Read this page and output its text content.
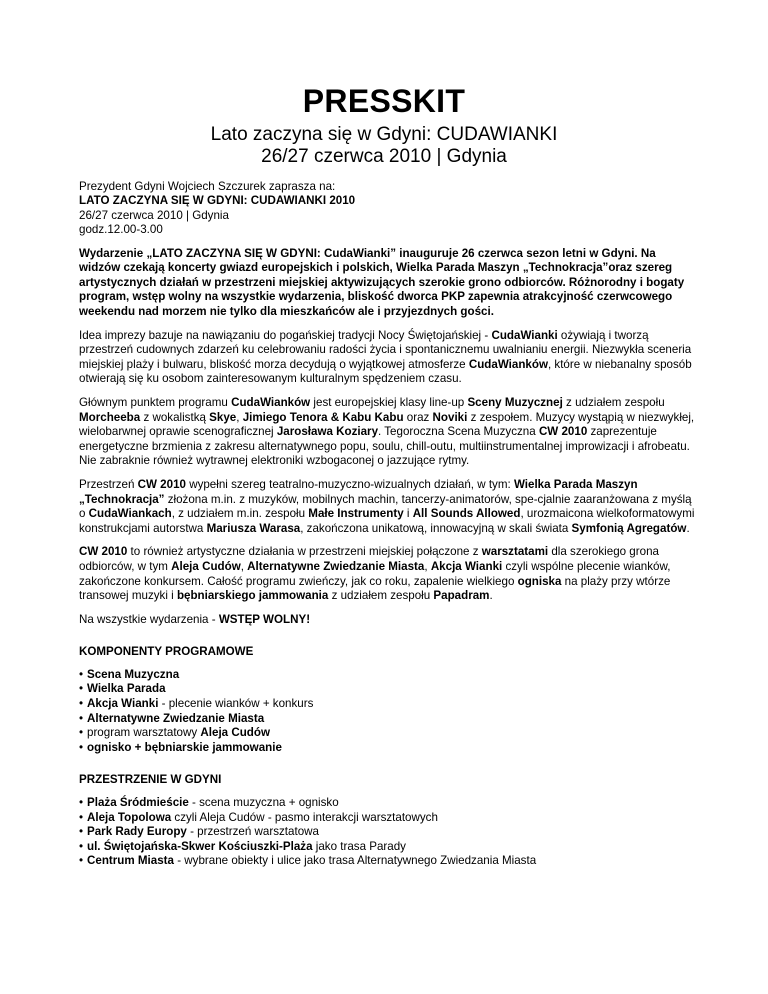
PRESSKIT
Lato zaczyna się w Gdyni: CUDAWIANKI
26/27 czerwca 2010 | Gdynia
Prezydent Gdyni Wojciech Szczurek zaprasza na:
LATO ZACZYNA SIĘ W GDYNI: CUDAWIANKI 2010
26/27 czerwca 2010 | Gdynia
godz.12.00-3.00

Wydarzenie „LATO ZACZYNA SIĘ W GDYNI: CudaWianki” inauguruje 26 czerwca sezon letni w Gdyni. Na widzów czekają koncerty gwiazd europejskich i polskich, Wielka Parada Maszyn „Technokracja”oraz szereg artystycznych działań w przestrzeni miejskiej aktywizujących szerokie grono odbiorców. Różnorodny i bogaty program, wstęp wolny na wszystkie wydarzenia, bliskość dworca PKP zapewnia atrakcyjność czerwcowego weekendu nad morzem nie tylko dla mieszkańców ale i przyjezdnych gości.

Idea imprezy bazuje na nawiązaniu do pogańskiej tradycji Nocy Świętojańskiej - CudaWianki ożywiają i tworzą przestrzeń cudownych zdarzeń ku celebrowaniu radości życia i spontanicznemu uwalnianiu energii. Niezwykła sceneria miejskiej plaży i bulwaru, bliskość morza decydują o wyjątkowej atmosferze CudaWianków, które w niebanalny sposób otwierają się ku osobom zainteresowanym kulturalnym spędzeniem czasu.

Głównym punktem programu CudaWianków jest europejskiej klasy line-up Sceny Muzycznej z udziałem zespołu Morcheeba z wokalistką Skye, Jimiego Tenora & Kabu Kabu oraz Noviki z zespołem. Muzycy wystąpią w niezwykłej, wielobarwnej oprawie scenograficznej Jarosława Koziary. Tegoroczna Scena Muzyczna CW 2010 zaprezentuje energetyczne brzmienia z zakresu alternatywnego popu, soulu, chill-outu, multiinstrumentalnej improwizacji i afrobeatu. Nie zabraknie również wytrawnej elektroniki wzbogaconej o jazzujące rytmy.

Przestrzeń CW 2010 wypełni szereg teatralno-muzyczno-wizualnych działań, w tym: Wielka Parada Maszyn „Technokracja” złożona m.in. z muzyków, mobilnych machin, tancerzy-animatorów, spe-cjalnie zaaranżowana z myślą o CudaWiankach, z udziałem m.in. zespołu Małe Instrumenty i All Sounds Allowed, urozmaicona wielkoformatowymi konstrukcjami autorstwa Mariusza Warasa, zakończona unikatową, innowacyjną w skali świata Symfonią Agregatów.

CW 2010 to również artystyczne działania w przestrzeni miejskiej połączone z warsztatami dla szerokiego grona odbiorców, w tym Aleja Cudów, Alternatywne Zwiedzanie Miasta, Akcja Wianki czyli wspólne plecenie wianków, zakończone konkursem. Całość programu zwieńczy, jak co roku, zapalenie wielkiego ogniska na plaży przy wtórze transowej muzyki i bębniarskiego jammowania z udziałem zespołu Papadram.

Na wszystkie wydarzenia - WSTĘP WOLNY!

KOMPONENTY PROGRAMOWE
• Scena Muzyczna
• Wielka Parada
• Akcja Wianki - plecenie wianków + konkurs
• Alternatywne Zwiedzanie Miasta
• program warsztatowy Aleja Cudów
• ognisko + bębniarskie jammowanie
PRZESTRZENIE W GDYNI
• Plaża Śródmieście - scena muzyczna + ognisko
• Aleja Topolowa czyli Aleja Cudów - pasmo interakcji warsztatowych
• Park Rady Europy - przestrzeń warsztatowa
• ul. Świętojańska-Skwer Kościuszki-Plaża jako trasa Parady
• Centrum Miasta - wybrane obiekty i ulice jako trasa Alternatywnego Zwiedzania Miasta
